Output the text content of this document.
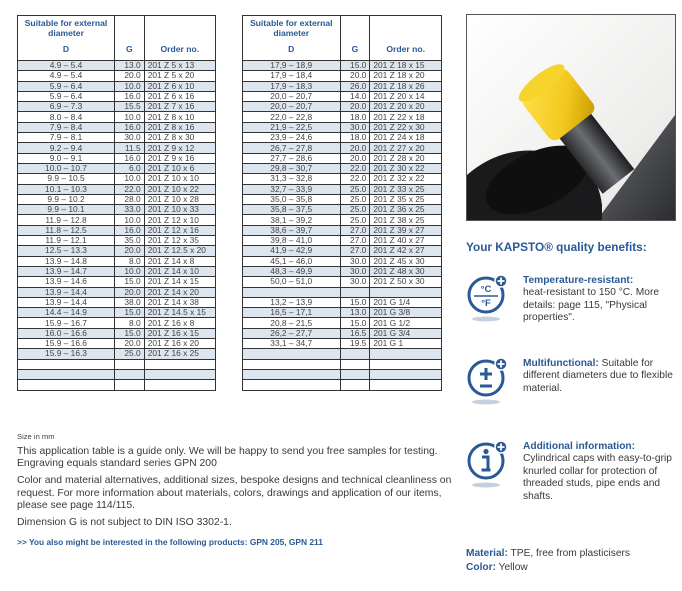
Suitable for external diameter
D	G	Order no.
4.9 – 5.4	13.0	201 Z 5 x 13
4.9 – 5.4	20.0	201 Z 5 x 20
5.9 – 6.4	10.0	201 Z 6 x 10
5.9 – 6.4	16.0	201 Z 6 x 16
6.9 – 7.3	15.5	201 Z 7 x 16
8.0 – 8.4	10.0	201 Z 8 x 10
7.9 – 8.4	16.0	201 Z 8 x 16
7.9 – 8.1	30.0	201 Z 8 x 30
9.2 – 9.4	11.5	201 Z 9 x 12
9.0 – 9.1	16.0	201 Z 9 x 16
10.0 – 10.7	6.0	201 Z 10 x 6
9.9 – 10.5	10.0	201 Z 10 x 10
10.1 – 10.3	22.0	201 Z 10 x 22
9.9 – 10.2	28.0	201 Z 10 x 28
9.9 – 10.1	33.0	201 Z 10 x 33
11.9 – 12.8	10.0	201 Z 12 x 10
11.8 – 12.5	16.0	201 Z 12 x 16
11.9 – 12.1	35.0	201 Z 12 x 35
12.5 – 13.3	20.0	201 Z 12.5 x 20
13.9 – 14.8	8.0	201 Z 14 x 8
13.9 – 14.7	10.0	201 Z 14 x 10
13.9 – 14.6	15.0	201 Z 14 x 15
13.9 – 14.4	20.0	201 Z 14 x 20
13.9 – 14.4	38.0	201 Z 14 x 38
14.4 – 14.9	15.0	201 Z 14.5 x 15
15.9 – 16.7	8.0	201 Z 16 x 8
16.0 – 16.6	15.0	201 Z 16 x 15
15.9 – 16.6	20.0	201 Z 16 x 20
15.9 – 16.3	25.0	201 Z 16 x 25

Suitable for external diameter
D	G	Order no.
17,9 – 18,9	15.0	201 Z 18 x 15
17,9 – 18,4	20.0	201 Z 18 x 20
17,9 – 18,3	26.0	201 Z 18 x 26
20,0 – 20,7	14.0	201 Z 20 x 14
20,0 – 20,7	20.0	201 Z 20 x 20
22,0 – 22,8	18.0	201 Z 22 x 18
21,9 – 22,5	30.0	201 Z 22 x 30
23,9 – 24,6	18.0	201 Z 24 x 18
26,7 – 27,8	20.0	201 Z 27 x 20
27,7 – 28,6	20.0	201 Z 28 x 20
29,8 – 30,7	22.0	201 Z 30 x 22
31,3 – 32,8	22.0	201 Z 32 x 22
32,7 – 33,9	25.0	201 Z 33 x 25
35,0 – 35,8	25.0	201 Z 35 x 25
35,8 – 37,5	25.0	201 Z 36 x 25
38,1 – 39,2	25.0	201 Z 38 x 25
38,6 – 39,7	27.0	201 Z 39 x 27
39,8 – 41,0	27.0	201 Z 40 x 27
41,9 – 42,9	27.0	201 Z 42 x 27
45,1 – 46,0	30.0	201 Z 45 x 30
48,3 – 49,9	30.0	201 Z 48 x 30
50,0 – 51,0	30.0	201 Z 50 x 30

13,2 – 13,9	15.0	201 G 1/4
16,5 – 17,1	13.0	201 G 3/8
20,8 – 21,5	15.0	201 G 1/2
26,2 – 27,7	16.5	201 G 3/4
33,1 – 34,7	19.5	201 G 1

Size in mm

This application table is a guide only. We will be happy to send you free samples for testing. Engraving equals standard series GPN 200

Color and material alternatives, additional sizes, bespoke designs and technical cleanliness on request. For more information about materials, colors, drawings and application of our items, please see page 114/115.

Dimension G is not subject to DIN ISO 3302-1.

>> You also might be interested in the following products: GPN 205, GPN 211
Your KAPSTO® quality benefits:
°C
°F
Temperature-resistant:
heat-resistant to 150 °C. More details: page 115, "Physical properties".
Multifunctional: Suitable for different diameters due to flexible material.
Additional information:
Cylindrical caps with easy-to-grip knurled collar for protection of threaded studs, pipe ends and shafts.
Material: TPE, free from plasticisers
Color: Yellow
